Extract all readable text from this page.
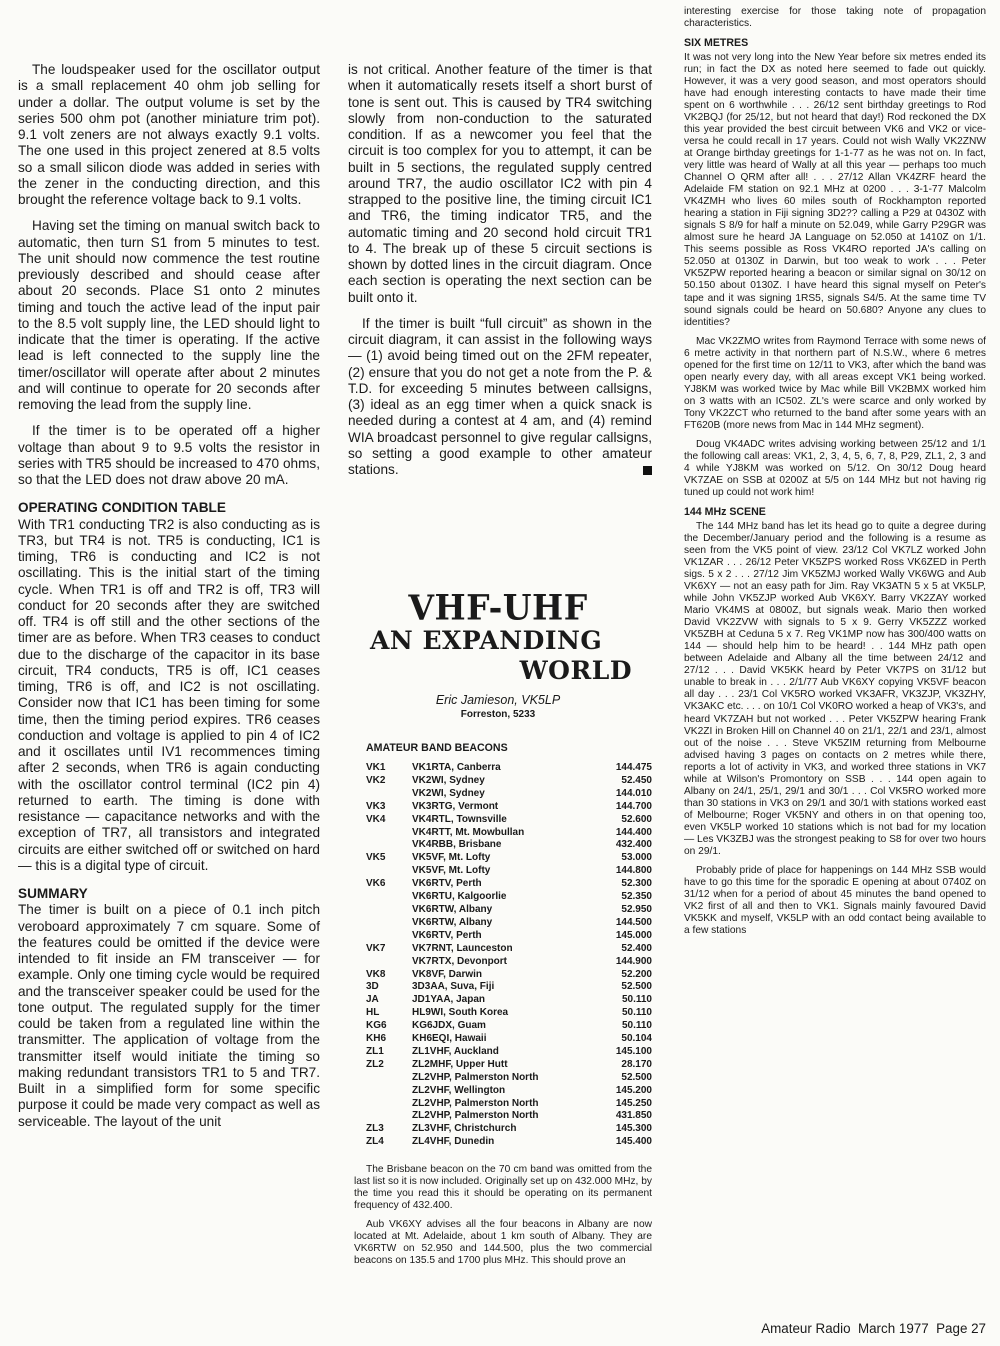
The loudspeaker used for the oscillator output is a small replacement 40 ohm job selling for under a dollar. The output volume is set by the series 500 ohm pot (another miniature trim pot). 9.1 volt zeners are not always exactly 9.1 volts. The one used in this project zenered at 8.5 volts so a small silicon diode was added in series with the zener in the conducting direction, and this brought the reference voltage back to 9.1 volts.

Having set the timing on manual switch back to automatic, then turn S1 from 5 minutes to test. The unit should now commence the test routine previously described and should cease after about 20 seconds. Place S1 onto 2 minutes timing and touch the active lead of the input pair to the 8.5 volt supply line, the LED should light to indicate that the timer is operating. If the active lead is left connected to the supply line the timer/oscillator will operate after about 2 minutes and will continue to operate for 20 seconds after removing the lead from the supply line.

If the timer is to be operated off a higher voltage than about 9 to 9.5 volts the resistor in series with TR5 should be increased to 470 ohms, so that the LED does not draw above 20 mA.

OPERATING CONDITION TABLE

With TR1 conducting TR2 is also conducting as is TR3, but TR4 is not. TR5 is conducting, IC1 is timing, TR6 is conducting and IC2 is not oscillating. This is the initial start of the timing cycle. When TR1 is off and TR2 is off, TR3 will conduct for 20 seconds after they are switched off. TR4 is off still and the other sections of the timer are as before. When TR3 ceases to conduct due to the discharge of the capacitor in its base circuit, TR4 conducts, TR5 is off, IC1 ceases timing, TR6 is off, and IC2 is not oscillating. Consider now that IC1 has been timing for some time, then the timing period expires. TR6 ceases conduction and voltage is applied to pin 4 of IC2 and it oscillates until IV1 recommences timing after 2 seconds, when TR6 is again conducting with the oscillator control terminal (IC2 pin 4) returned to earth. The timing is done with resistance — capacitance networks and with the exception of TR7, all transistors and integrated circuits are either switched off or switched on hard — this is a digital type of circuit.

SUMMARY

The timer is built on a piece of 0.1 inch pitch veroboard approximately 7 cm square. Some of the features could be omitted if the device were intended to fit inside an FM transceiver — for example. Only one timing cycle would be required and the transceiver speaker could be used for the tone output. The regulated supply for the timer could be taken from a regulated line within the transmitter. The application of voltage from the transmitter itself would initiate the timing so making redundant transistors TR1 to 5 and TR7. Built in a simplified form for some specific purpose it could be made very compact as well as serviceable. The layout of the unit

is not critical. Another feature of the timer is that when it automatically resets itself a short burst of tone is sent out. This is caused by TR4 switching slowly from non-conduction to the saturated condition. If as a newcomer you feel that the circuit is too complex for you to attempt, it can be built in 5 sections, the regulated supply centred around TR7, the audio oscillator IC2 with pin 4 strapped to the positive line, the timing circuit IC1 and TR6, the timing indicator TR5, and the automatic timing and 20 second hold circuit TR1 to 4. The break up of these 5 circuit sections is shown by dotted lines in the circuit diagram. Once each section is operating the next section can be built onto it.

If the timer is built “full circuit” as shown in the circuit diagram, it can assist in the following ways — (1) avoid being timed out on the 2FM repeater, (2) ensure that you do not get a note from the P. & T.D. for exceeding 5 minutes between callsigns, (3) ideal as an egg timer when a quick snack is needed during a contest at 4 am, and (4) remind WIA broadcast personnel to give regular callsigns, so setting a good example to other amateur stations.

VHF-UHF
AN EXPANDING
WORLD
Eric Jamieson, VK5LP
Forreston, 5233
AMATEUR BAND BEACONS
VK1	VK1RTA, Canberra	144.475
VK2	VK2WI, Sydney	52.450
	VK2WI, Sydney	144.010
VK3	VK3RTG, Vermont	144.700
VK4	VK4RTL, Townsville	52.600
	VK4RTT, Mt. Mowbullan	144.400
	VK4RBB, Brisbane	432.400
VK5	VK5VF, Mt. Lofty	53.000
	VK5VF, Mt. Lofty	144.800
VK6	VK6RTV, Perth	52.300
	VK6RTU, Kalgoorlie	52.350
	VK6RTW, Albany	52.950
	VK6RTW, Albany	144.500
	VK6RTV, Perth	145.000
VK7	VK7RNT, Launceston	52.400
	VK7RTX, Devonport	144.900
VK8	VK8VF, Darwin	52.200
3D	3D3AA, Suva, Fiji	52.500
JA	JD1YAA, Japan	50.110
HL	HL9WI, South Korea	50.110
KG6	KG6JDX, Guam	50.110
KH6	KH6EQI, Hawaii	50.104
ZL1	ZL1VHF, Auckland	145.100
ZL2	ZL2MHF, Upper Hutt	28.170
	ZL2VHP, Palmerston North	52.500
	ZL2VHF, Wellington	145.200
	ZL2VHP, Palmerston North	145.250
	ZL2VHP, Palmerston North	431.850
ZL3	ZL3VHF, Christchurch	145.300
ZL4	ZL4VHF, Dunedin	145.400

The Brisbane beacon on the 70 cm band was omitted from the last list so it is now included. Originally set up on 432.000 MHz, by the time you read this it should be operating on its permanent frequency of 432.400.

Aub VK6XY advises all the four beacons in Albany are now located at Mt. Adelaide, about 1 km south of Albany. They are VK6RTW on 52.950 and 144.500, plus the two commercial beacons on 135.5 and 1700 plus MHz. This should prove an

interesting exercise for those taking note of propagation characteristics.

SIX METRES

It was not very long into the New Year before six metres ended its run; in fact the DX as noted here seemed to fade out quickly. However, it was a very good season, and most operators should have had enough interesting contacts to have made their time spent on 6 worthwhile . . . 26/12 sent birthday greetings to Rod VK2BQJ (for 25/12, but not heard that day!) Rod reckoned the DX this year provided the best circuit between VK6 and VK2 or vice-versa he could recall in 17 years. Could not wish Wally VK2ZNW at Orange birthday greetings for 1-1-77 as he was not on. In fact, very little was heard of Wally at all this year — perhaps too much Channel O QRM after all! . . . 27/12 Allan VK4ZRF heard the Adelaide FM station on 92.1 MHz at 0200 . . . 3-1-77 Malcolm VK4ZMH who lives 60 miles south of Rockhampton reported hearing a station in Fiji signing 3D2?? calling a P29 at 0430Z with signals S 8/9 for half a minute on 52.049, while Garry P29GR was almost sure he heard JA Language on 52.050 at 1410Z on 1/1. This seems possible as Ross VK4RO reported JA's calling on 52.050 at 0130Z in Darwin, but too weak to work . . . Peter VK5ZPW reported hearing a beacon or similar signal on 30/12 on 50.150 about 0130Z. I have heard this signal myself on Peter's tape and it was signing 1RS5, signals S4/5. At the same time TV sound signals could be heard on 50.680? Anyone any clues to identities?

Mac VK2ZMO writes from Raymond Terrace with some news of 6 metre activity in that northern part of N.S.W., where 6 metres opened for the first time on 12/11 to VK3, after which the band was open nearly every day, with all areas except VK1 being worked. YJ8KM was worked twice by Mac while Bill VK2BMX worked him on 3 watts with an IC502. ZL's were scarce and only worked by Tony VK2ZCT who returned to the band after some years with an FT620B (more news from Mac in 144 MHz segment).

Doug VK4ADC writes advising working between 25/12 and 1/1 the following call areas: VK1, 2, 3, 4, 5, 6, 7, 8, P29, ZL1, 2, 3 and 4 while YJ8KM was worked on 5/12. On 30/12 Doug heard VK7ZAE on SSB at 0200Z at 5/5 on 144 MHz but not having rig tuned up could not work him!

144 MHz SCENE

The 144 MHz band has let its head go to quite a degree during the December/January period and the following is a resume as seen from the VK5 point of view. 23/12 Col VK7LZ worked John VK1ZAR . . . 26/12 Peter VK5ZPS worked Ross VK6ZED in Perth sigs. 5 x 2 . . . 27/12 Jim VK5ZMJ worked Wally VK6WG and Aub VK6XY — not an easy path for Jim. Ray VK3ATN 5 x 5 at VK5LP, while John VK5ZJP worked Aub VK6XY. Barry VK2ZAY worked Mario VK4MS at 0800Z, but signals weak. Mario then worked David VK2ZVW with signals to 5 x 9. Gerry VK5ZZZ worked VK5ZBH at Ceduna 5 x 7. Reg VK1MP now has 300/400 watts on 144 — should help him to be heard! . . 144 MHz path open between Adelaide and Albany all the time between 24/12 and 27/12 . . . David VK5KK heard by Peter VK7PS on 31/12 but unable to break in . . . 2/1/77 Aub VK6XY copying VK5VF beacon all day . . . 23/1 Col VK5RO worked VK3AFR, VK3ZJP, VK3ZHY, VK3AKC etc. . . . on 10/1 Col VK0RO worked a heap of VK3's, and heard VK7ZAH but not worked . . . Peter VK5ZPW hearing Frank VK2ZI in Broken Hill on Channel 40 on 21/1, 22/1 and 23/1, almost out of the noise . . . Steve VK5ZIM returning from Melbourne advised having 3 pages on contacts on 2 metres while there, reports a lot of activity in VK3, and worked three stations in VK7 while at Wilson's Promontory on SSB . . . 144 open again to Albany on 24/1, 25/1, 29/1 and 30/1 . . . Col VK5RO worked more than 30 stations in VK3 on 29/1 and 30/1 with stations worked east of Melbourne; Roger VK5NY and others in on that opening too, even VK5LP worked 10 stations which is not bad for my location — Les VK3ZBJ was the strongest peaking to S8 for over two hours on 29/1.

Probably pride of place for happenings on 144 MHz SSB would have to go this time for the sporadic E opening at about 0740Z on 31/12 when for a period of about 45 minutes the band opened to VK2 first of all and then to VK1. Signals mainly favoured David VK5KK and myself, VK5LP with an odd contact being available to a few stations

Amateur Radio  March 1977  Page 27
